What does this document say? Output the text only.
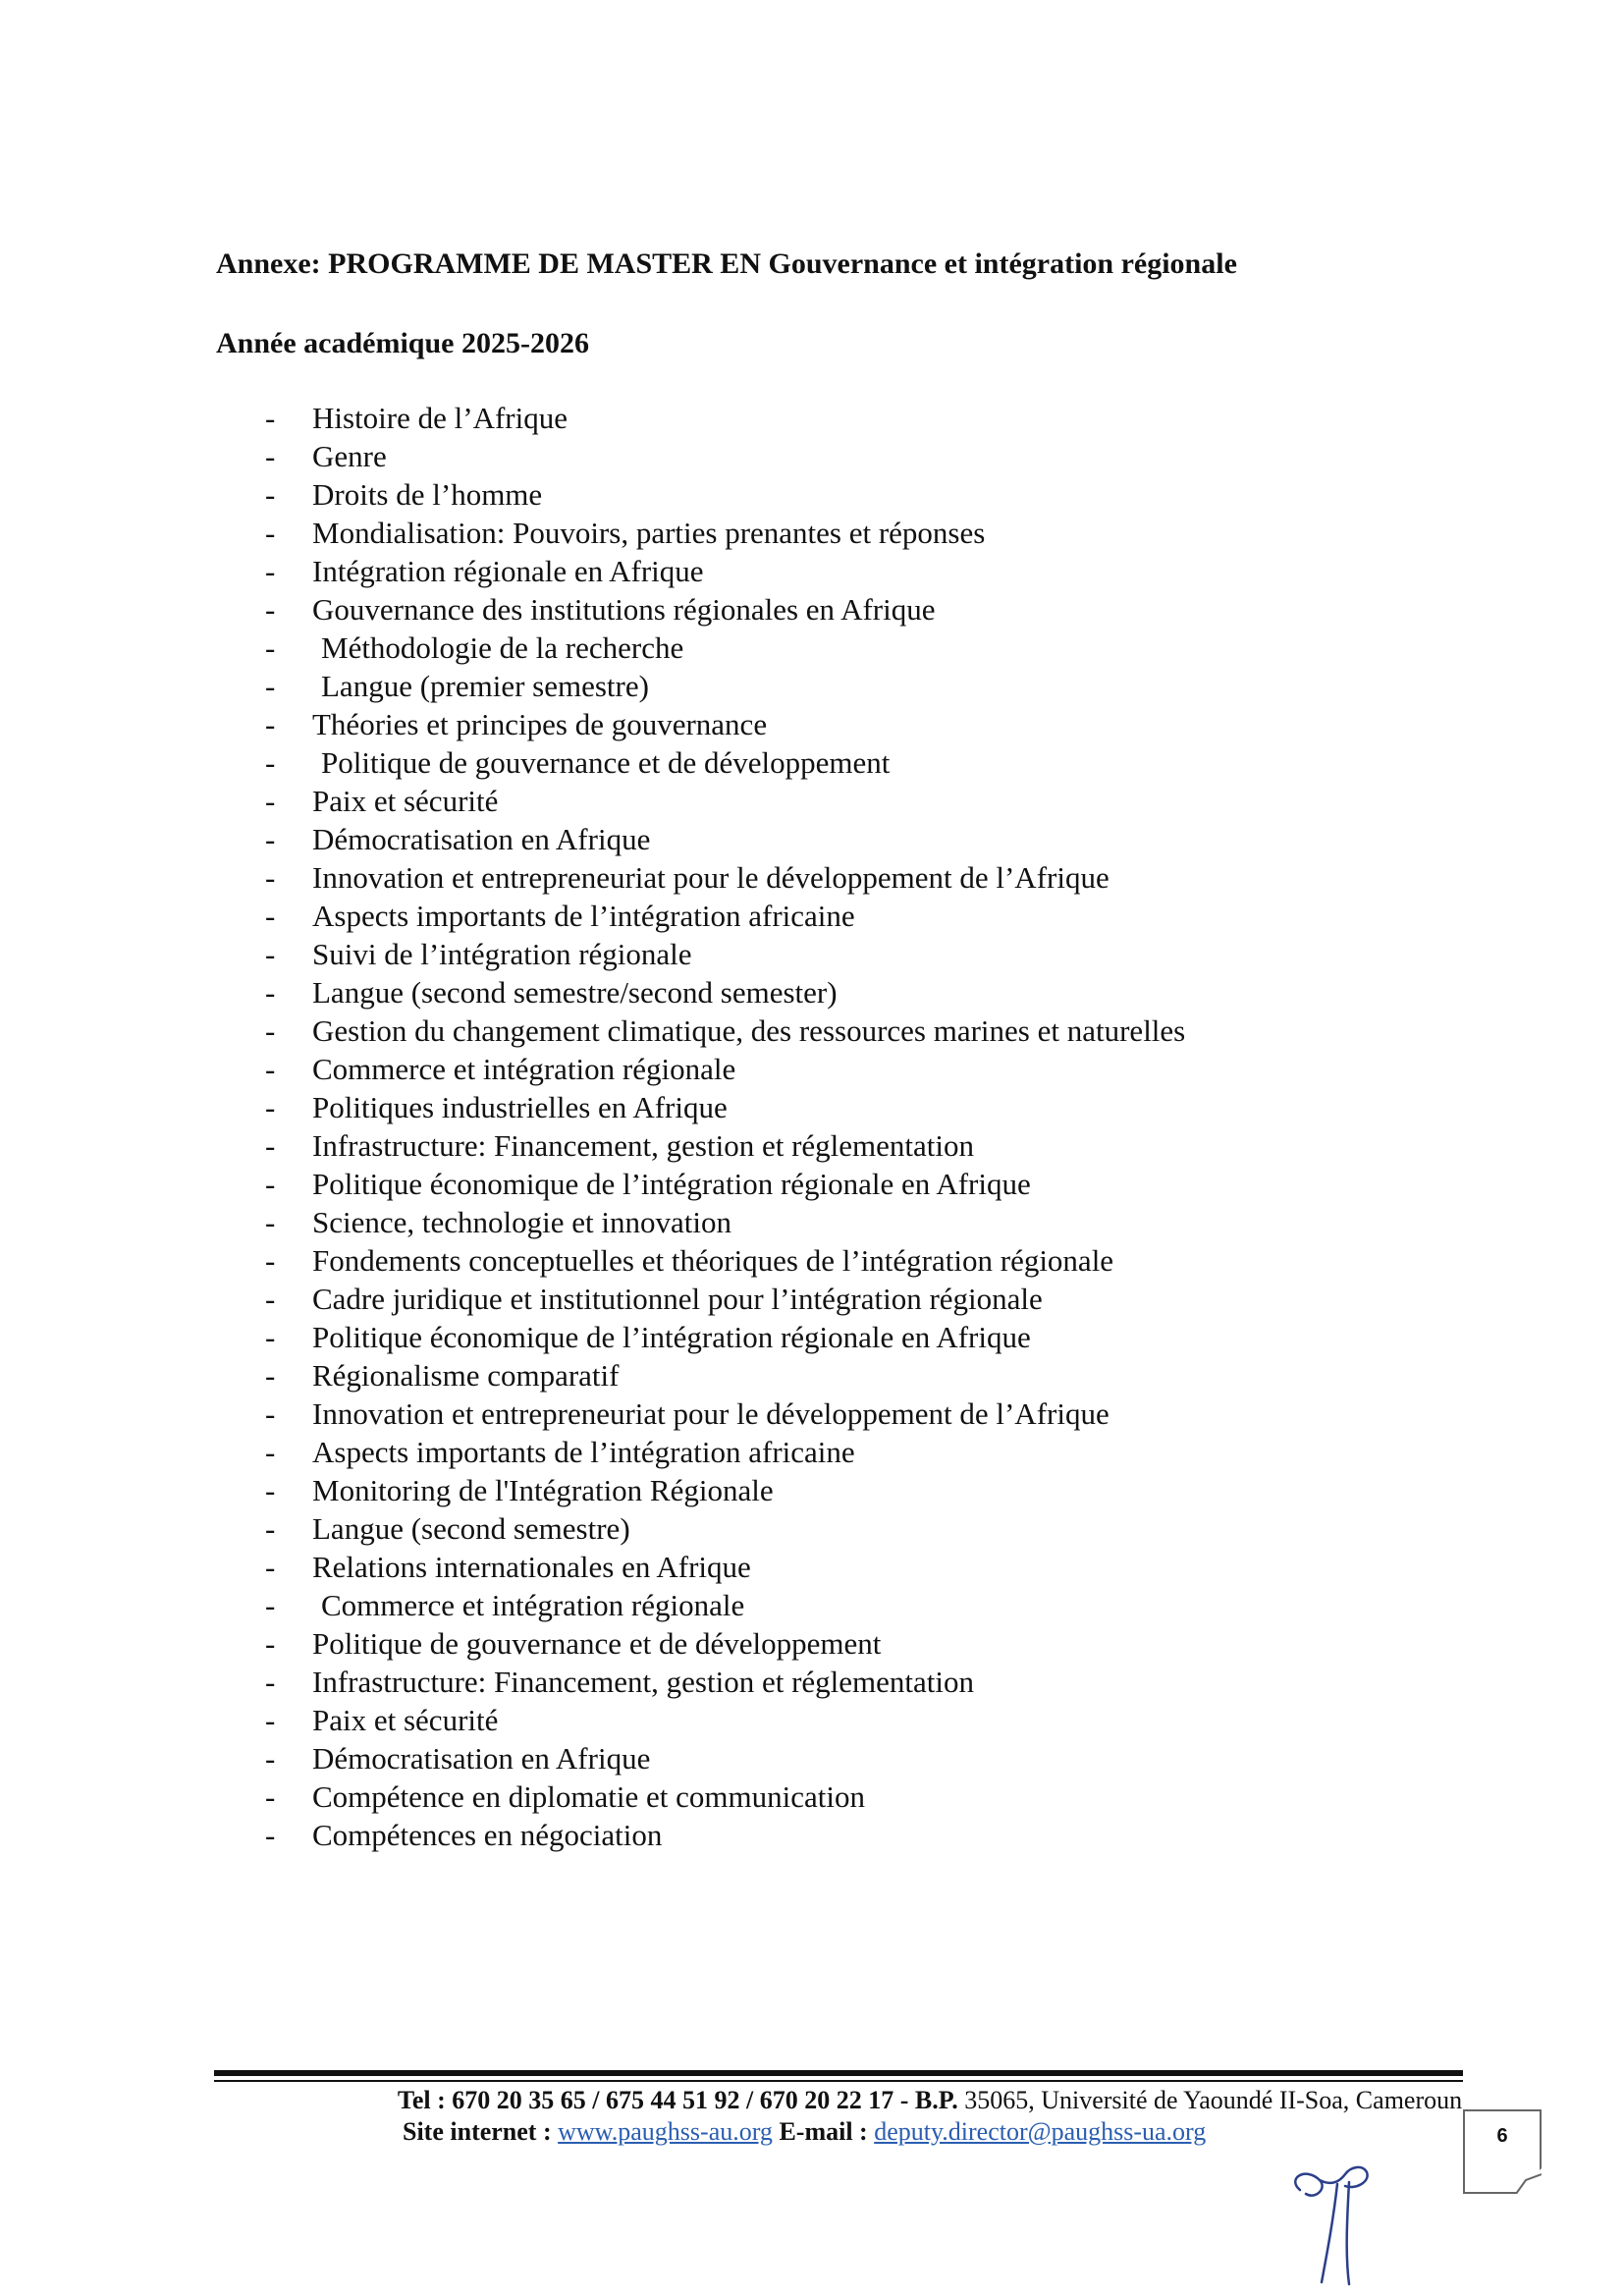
Annexe: PROGRAMME DE MASTER EN Gouvernance et intégration régionale
Année académique 2025-2026
- Histoire de l’Afrique
- Genre
- Droits de l’homme
- Mondialisation: Pouvoirs, parties prenantes et réponses
- Intégration régionale en Afrique
- Gouvernance des institutions régionales en Afrique
- Méthodologie de la recherche
- Langue (premier semestre)
- Théories et principes de gouvernance
- Politique de gouvernance et de développement
- Paix et sécurité
- Démocratisation en Afrique
- Innovation et entrepreneuriat pour le développement de l’Afrique
- Aspects importants de l’intégration africaine
- Suivi de l’intégration régionale
- Langue (second semestre/second semester)
- Gestion du changement climatique, des ressources marines et naturelles
- Commerce et intégration régionale
- Politiques industrielles en Afrique
- Infrastructure: Financement, gestion et réglementation
- Politique économique de l’intégration régionale en Afrique
- Science, technologie et innovation
- Fondements conceptuelles et théoriques de l’intégration régionale
- Cadre juridique et institutionnel pour l’intégration régionale
- Politique économique de l’intégration régionale en Afrique
- Régionalisme comparatif
- Innovation et entrepreneuriat pour le développement de l’Afrique
- Aspects importants de l’intégration africaine
- Monitoring de l'Intégration Régionale
- Langue (second semestre)
- Relations internationales en Afrique
- Commerce et intégration régionale
- Politique de gouvernance et de développement
- Infrastructure: Financement, gestion et réglementation
- Paix et sécurité
- Démocratisation en Afrique
- Compétence en diplomatie et communication
- Compétences en négociation
Tel : 670 20 35 65 / 675 44 51 92 / 670 20 22 17 - B.P. 35065, Université de Yaoundé II-Soa, Cameroun
Site internet : www.paughss-au.org E-mail : deputy.director@paughss-ua.org	6
